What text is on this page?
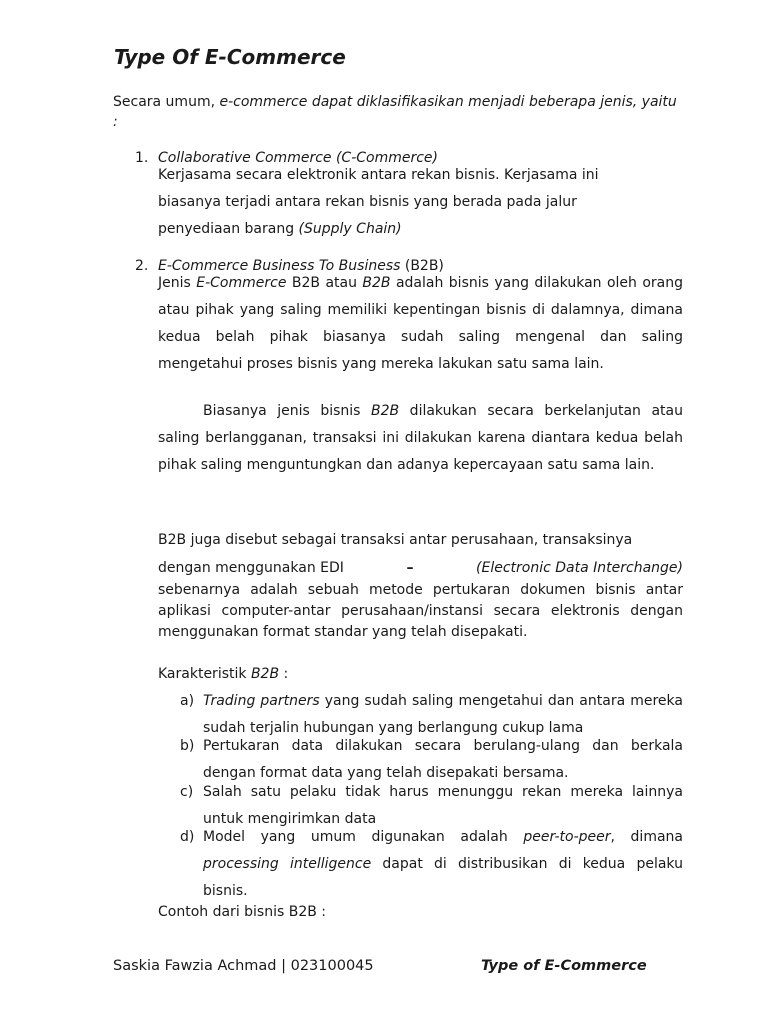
Type Of E-Commerce
Secara umum, e-commerce dapat diklasifikasikan menjadi beberapa jenis, yaitu :
1. Collaborative Commerce (C-Commerce)
Kerjasama secara elektronik antara rekan bisnis. Kerjasama ini
biasanya terjadi antara rekan bisnis yang berada pada jalur
penyediaan barang (Supply Chain)
2. E-Commerce Business To Business (B2B)
Jenis E-Commerce B2B atau B2B adalah bisnis yang dilakukan oleh orang atau pihak yang saling memiliki kepentingan bisnis di dalamnya, dimana kedua belah pihak biasanya sudah saling mengenal dan saling mengetahui proses bisnis yang mereka lakukan satu sama lain.
Biasanya jenis bisnis B2B dilakukan secara berkelanjutan atau saling berlangganan, transaksi ini dilakukan karena diantara kedua belah pihak saling menguntungkan dan adanya kepercayaan satu sama lain.
B2B juga disebut sebagai transaksi antar perusahaan, transaksinya
dengan menggunakan EDI	–	(Electronic Data Interchange)
sebenarnya adalah sebuah metode pertukaran dokumen bisnis antar aplikasi computer-antar perusahaan/instansi secara elektronis dengan menggunakan format standar yang telah disepakati.
Karakteristik B2B :
a) Trading partners yang sudah saling mengetahui dan antara mereka sudah terjalin hubungan yang berlangung cukup lama
b) Pertukaran data dilakukan secara berulang-ulang dan berkala dengan format data yang telah disepakati bersama.
c) Salah satu pelaku tidak harus menunggu rekan mereka lainnya untuk mengirimkan data
d) Model yang umum digunakan adalah peer-to-peer, dimana processing intelligence dapat di distribusikan di kedua pelaku bisnis.
Contoh dari bisnis B2B :
Saskia Fawzia Achmad | 023100045	Type of E-Commerce
